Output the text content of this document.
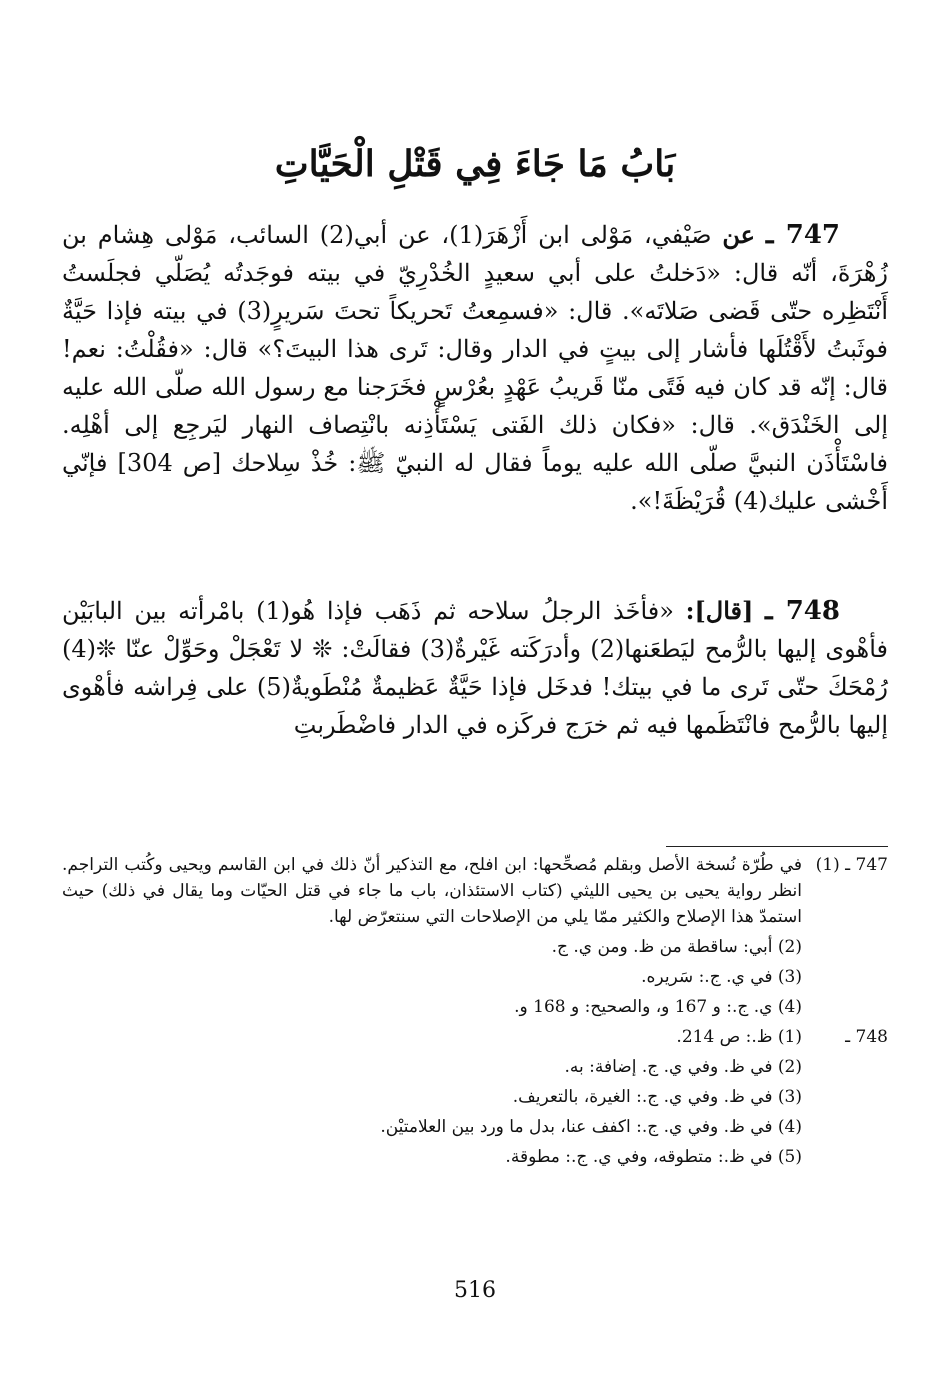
بَابُ مَا جَاءَ فِي قَتْلِ الْحَيَّاتِ

747 ـ عن صَيْفي، مَوْلى ابن أَزْهَرَ(1)، عن أبي(2) السائب، مَوْلى هِشام بن زُهْرَةَ، أنّه قال: «دَخلتُ على أبي سعيدٍ الخُدْرِيّ في بيته فوجَدتُه يُصَلّي فجلَستُ أَنْتَظِره حتّى قَضى صَلاتَه». قال: «فسمِعتُ تَحريكاً تحتَ سَريرٍ(3) في بيته فإذا حَيَّةٌ فوثَبتُ لأَقْتُلَها فأشار إلى بيتٍ في الدار وقال: تَرى هذا البيتَ؟» قال: «فقُلْتُ: نعم! قال: إنّه قد كان فيه فَتًى منّا قَريبُ عَهْدٍ بعُرْسٍ فخَرَجنا مع رسول الله صلّى الله عليه إلى الخَنْدَق». قال: «فكان ذلك الفَتى يَسْتَأْذِنه بانْتِصاف النهار ليَرجِع إلى أهْلِه. فاسْتَأْذَن النبيَّ صلّى الله عليه يوماً فقال له النبيّ ﷺ: خُذْ سِلاحك [ص 304] فإنّي أَخْشى عليك(4) قُرَيْظَةَ!».

748 ـ [قال]: «فأخَذ الرجلُ سلاحه ثم ذَهَب فإذا هُو(1) بامْرأته بين البابَيْن فأهْوى إليها بالرُّمح ليَطعَنها(2) وأدرَكَته غَيْرةٌ(3) فقالَتْ: ❊ لا تَعْجَلْ وحَوِّلْ عنّا ❊(4) رُمْحَكَ حتّى تَرى ما في بيتك! فدخَل فإذا حَيَّةٌ عَظيمةٌ مُنْطَويةٌ(5) على فِراشه فأهْوى إليها بالرُّمح فانْتَظَمها فيه ثم خرَج فركَزه في الدار فاضْطَربتِ

747 ـ (1)في طُرّة نُسخة الأصل وبقلم مُصحِّحها: ابن افلح، مع التذكير أنّ ذلك في ابن القاسم ويحيى وكُتب التراجم. انظر رواية يحيى بن يحيى الليثي (كتاب الاستئذان، باب ما جاء في قتل الحيّات وما يقال في ذلك) حيث استمدّ هذا الإصلاح والكثير ممّا يلي من الإصلاحات التي سنتعرّض لها.
(2) أبي: ساقطة من ظ. ومن ي. ج.
(3) في ي. ج.: سَريره.
(4) ي. ج.: و 167 و، والصحيح: و 168 و.
748 ـ(1) ظ.: ص 214.
(2) في ظ. وفي ي. ج. إضافة: به.
(3) في ظ. وفي ي. ج.: الغيرة، بالتعريف.
(4) في ظ. وفي ي. ج.: اكفف عنا، بدل ما ورد بين العلامتيْن.
(5) في ظ.: متطوقه، وفي ي. ج.: مطوقة.

516
